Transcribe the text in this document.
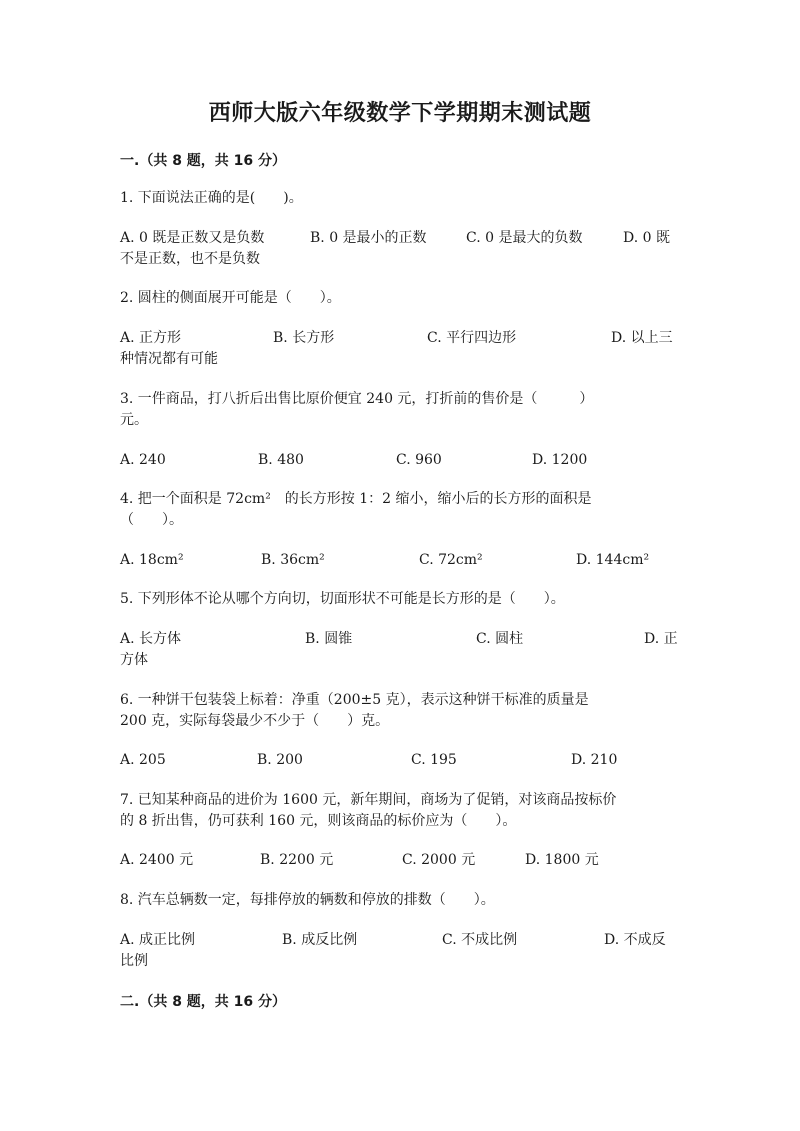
西师大版六年级数学下学期期末测试题
一.（共 8 题，共 16 分）
1. 下面说法正确的是(　　)。
A. 0 既是正数又是负数	B. 0 是最小的正数	C. 0 是最大的负数	D. 0 既
不是正数，也不是负数
2. 圆柱的侧面展开可能是（　　）。
A. 正方形	B. 长方形	C. 平行四边形	D. 以上三
种情况都有可能
3. 一件商品，打八折后出售比原价便宜 240 元，打折前的售价是（　　　）
元。
A. 240	B. 480	C. 960	D. 1200
4. 把一个面积是 72cm²　的长方形按 1：2 缩小，缩小后的长方形的面积是
（　　）。
A. 18cm²	B. 36cm²	C. 72cm²	D. 144cm²
5. 下列形体不论从哪个方向切，切面形状不可能是长方形的是（　　）。
A. 长方体	B. 圆锥	C. 圆柱	D. 正
方体
6. 一种饼干包装袋上标着：净重（200±5 克），表示这种饼干标准的质量是
200 克，实际每袋最少不少于（　　）克。
A. 205	B. 200	C. 195	D. 210
7. 已知某种商品的进价为 1600 元，新年期间，商场为了促销，对该商品按标价
的 8 折出售，仍可获利 160 元，则该商品的标价应为（　　）。
A. 2400 元	B. 2200 元	C. 2000 元	D. 1800 元
8. 汽车总辆数一定，每排停放的辆数和停放的排数（　　）。
A. 成正比例	B. 成反比例	C. 不成比例	D. 不成反
比例
二.（共 8 题，共 16 分）
